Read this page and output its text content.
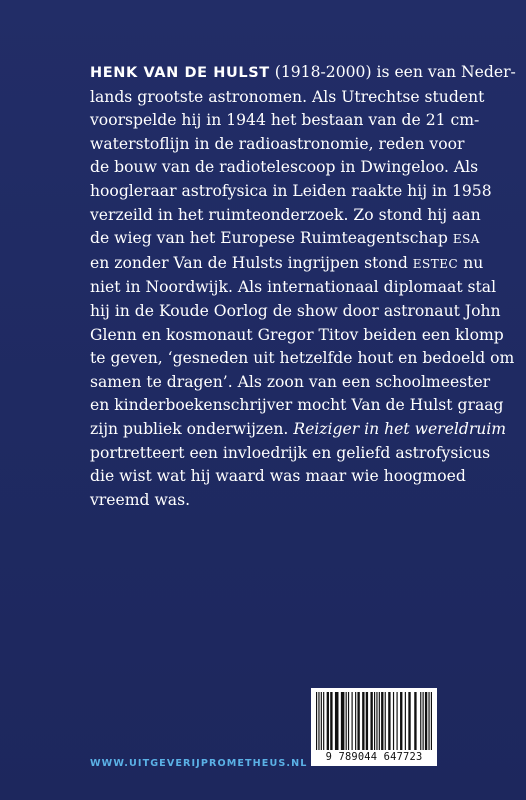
HENK VAN DE HULST (1918-2000) is een van Neder-
lands grootste astronomen. Als Utrechtse student
voorspelde hij in 1944 het bestaan van de 21 cm-
waterstoflijn in de radioastronomie, reden voor
de bouw van de radiotelescoop in Dwingeloo. Als
hoogleraar astrofysica in Leiden raakte hij in 1958
verzeild in het ruimteonderzoek. Zo stond hij aan
de wieg van het Europese Ruimteagentschap ESA
en zonder Van de Hulsts ingrijpen stond ESTEC nu
niet in Noordwijk. Als internationaal diplomaat stal
hij in de Koude Oorlog de show door astronaut John
Glenn en kosmonaut Gregor Titov beiden een klomp
te geven, ‘gesneden uit hetzelfde hout en bedoeld om
samen te dragen’. Als zoon van een schoolmeester
en kinderboekenschrijver mocht Van de Hulst graag
zijn publiek onderwijzen. Reiziger in het wereldruim
portretteert een invloedrijk en geliefd astrofysicus
die wist wat hij waard was maar wie hoogmoed
vreemd was.
WWW.UITGEVERIJPROMETHEUS.NL
9 789044 647723
